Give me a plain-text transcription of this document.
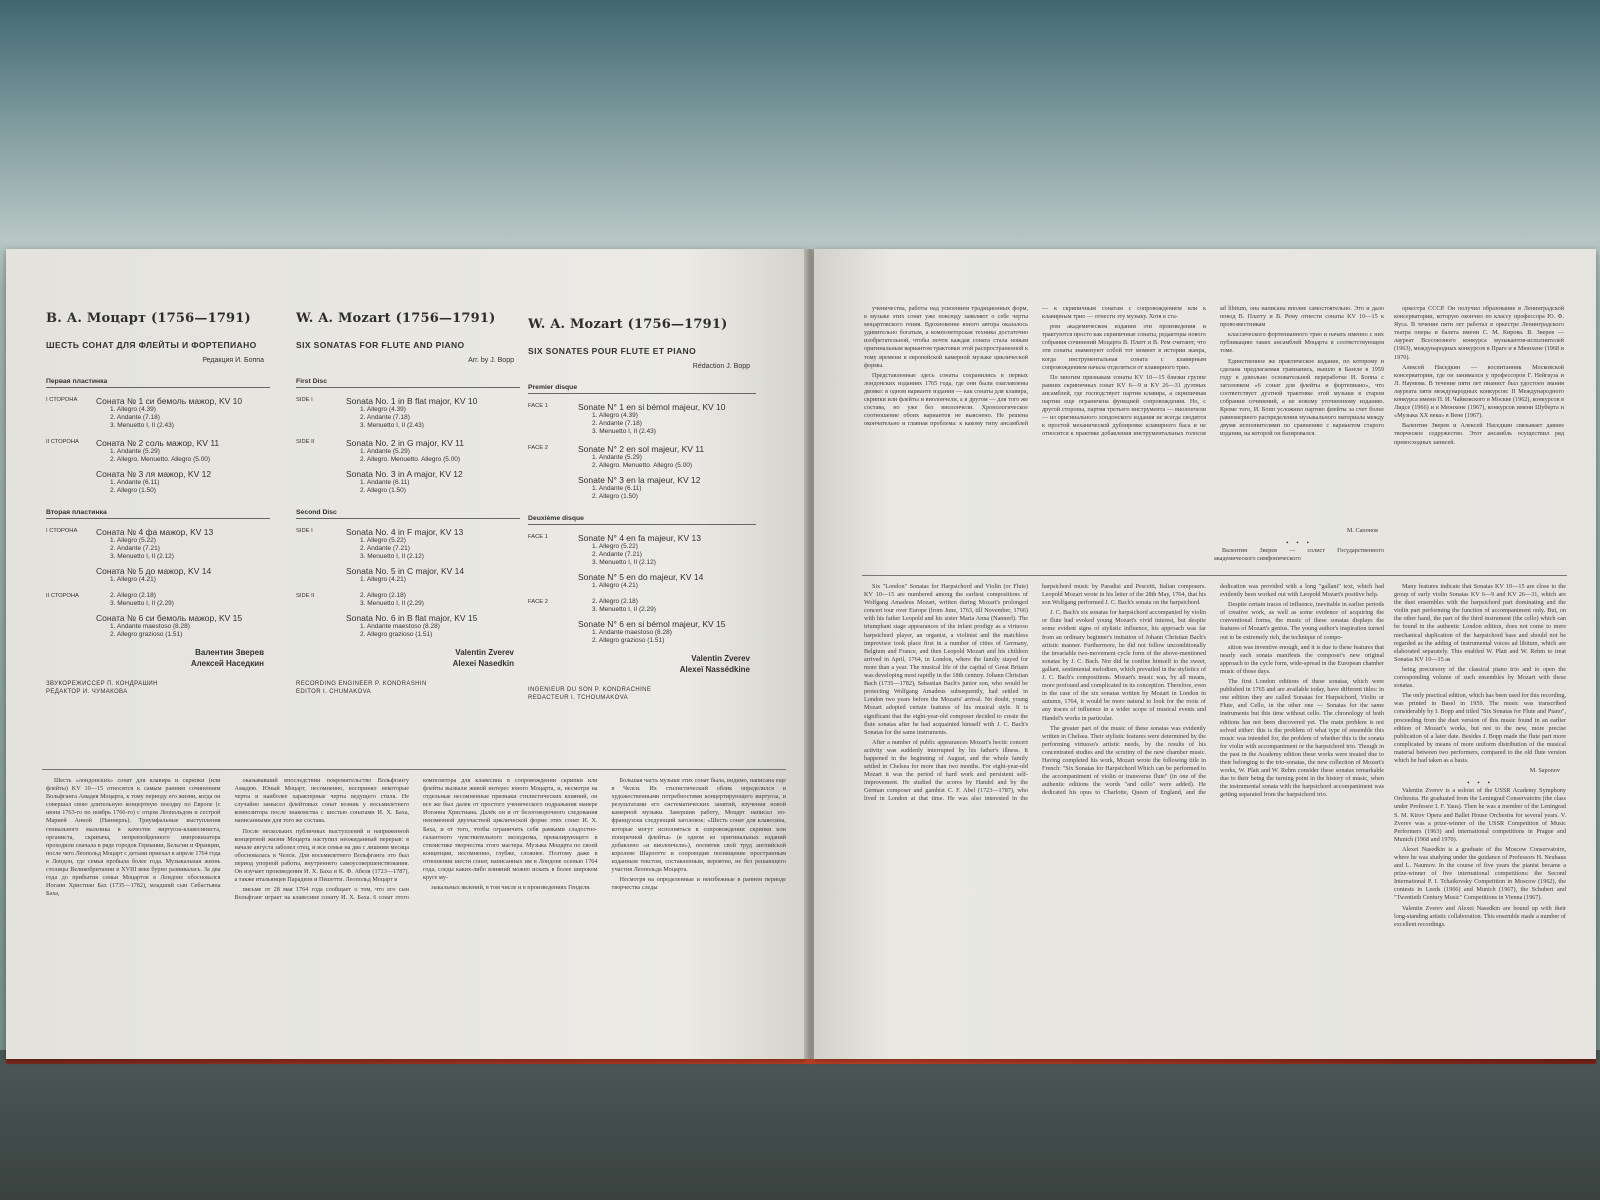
В. А. Моцарт (1756—1791)
ШЕСТЬ СОНАТ ДЛЯ ФЛЕЙТЫ И ФОРТЕПИАНО
Редакция И. Боппа
Первая пластинка
I СТОРОНА Соната № 1 си бемоль мажор, KV 10
1. Allegro (4.39)
2. Andante (7.18)
3. Menuetto I, II (2.43)
II СТОРОНА Соната № 2 соль мажор, KV 11
1. Andante (5.29)
2. Allegro. Menuetto. Allegro (5.00)
Соната № 3 ля мажор, KV 12
1. Andante (6.11)
2. Allegro (1.50)
Вторая пластинка
I СТОРОНА Соната № 4 фа мажор, KV 13
1. Allegro (5.22)
2. Andante (7.21)
3. Menuetto I, II (2.12)
Соната № 5 до мажор, KV 14
1. Allegro (4.21)
II СТОРОНА	2. Allegro (2.18)
3. Menuetto I, II (2.29)
Соната № 6 си бемоль мажор, KV 15
1. Andante maestoso (8.28)
2. Allegro grazioso (1.51)
Валентин Зверев
Алексей Наседкин
ЗВУКОРЕЖИССЕР П. КОНДРАШИН
РЕДАКТОР И. ЧУМАКОВА
W. A. Mozart (1756—1791)
SIX SONATAS FOR FLUTE AND PIANO
Arr. by J. Bopp
First Disc
SIDE I	Sonata No. 1 in B flat major, KV 10
1. Allegro (4.39)
2. Andante (7.18)
3. Menuetto I, II (2.43)
SIDE II	Sonata No. 2 in G major, KV 11
1. Andante (5.29)
2. Allegro. Menuetto. Allegro (5.00)
Sonata No. 3 in A major, KV 12
1. Andante (6.11)
2. Allegro (1.50)
Second Disc
SIDE I	Sonata No. 4 in F major, KV 13
1. Allegro (5.22)
2. Andante (7.21)
3. Menuetto I, II (2.12)
Sonata No. 5 in C major, KV 14
1. Allegro (4.21)
SIDE II	2. Allegro (2.18)
3. Menuetto I, II (2.29)
Sonata No. 6 in B flat major, KV 15
1. Andante maestoso (8.28)
2. Allegro grazioso (1.51)
Valentin Zverev
Alexei Nasedkin
RECORDING ENGINEER P. KONDRASHIN
EDITOR I. CHUMAKOVA
W. A. Mozart (1756—1791)
SIX SONATES POUR FLUTE ET PIANO
Rédaction J. Bopp
Premier disque
FACE 1	Sonate N° 1 en si bémol majeur, KV 10
1. Allegro (4.39)
2. Andante (7.18)
3. Menuetto I, II (2.43)
FACE 2	Sonate N° 2 en sol majeur, KV 11
1. Andante (5.29)
2. Allegro. Menuetto. Allegro (5.00)
Sonate N° 3 en la majeur, KV 12
1. Andante (6.11)
2. Allegro (1.50)
Deuxième disque
FACE 1	Sonate N° 4 en fa majeur, KV 13
1. Allegro (5.22)
2. Andante (7.21)
3. Menuetto I, II (2.12)
Sonate N° 5 en do majeur, KV 14
1. Allegro (4.21)
FACE 2	2. Allegro (2.18)
3. Menuetto I, II (2.29)
Sonate N° 6 en si bémol majeur, KV 15
1. Andante maestoso (8.28)
2. Allegro grazioso (1.51)
Valentin Zverev
Alexeï Nassédkine
INGENIEUR DU SON P. KONDRACHINE
REDACTEUR I. TCHOUMAKOVA

Шесть «лондонских» сонат для клавира и скрипки (или флейты) KV 10—15 относятся к самым ранним сочинениям Вольфганга Амадея Моцарта, к тому периоду его жизни, когда он совершал свою длительную концертную поездку по Европе (с июня 1763-го по ноябрь 1766-го) с отцом Леопольдом и сестрой Марией Анной (Наннерль). Триумфальные выступления гениального мальчика в качестве виртуоза-клавесиниста, органиста, скрипача, непревзойденного импровизатора проходили сначала в ряде городов Германии, Бельгии и Франции, после чего Леопольд Моцарт с детьми приехал в апреле 1764 года в Лондон, где семья пробыла более года. Музыкальная жизнь столицы Великобритании в XVIII веке бурно развивалась. За два года до прибытия семьи Моцартов в Лондоне обосновался Иоганн Христиан Бах (1735—1782), младший сын Себастьяна Баха,

оказывавший впоследствии покровительство Вольфгангу Амадею. Юный Моцарт, несомненно, воспринял некоторые черты и наиболее характерные черты ведущего стиля. Не случайно замысел флейтовых сонат возник у восьмилетнего композитора после знакомства с шестью сонатами И. Х. Баха, написанными для того же состава.

После нескольких публичных выступлений и напряженной концертной жизни Моцарта наступил неожиданный перерыв: в начале августа заболел отец, и вся семья на два с лишним месяца обосновалась в Челси. Для восьмилетнего Вольфганга это был период упорной работы, внутреннего самоусовершенствования. Он изучает произведения И. Х. Баха и К. Ф. Абеля (1723—1787), а также итальянцев Парадизи и Пешетти. Леопольд Моцарт в

письме от 28 мая 1764 года сообщает о том, что его сын Вольфганг играет на клавесине сонату И. Х. Баха. 6 сонат этого композитора для клавесина в сопровождении скрипки или флейты вызвали живой интерес юного Моцарта, и, несмотря на отдельные несомненные признаки стилистических влияний, он все же был далек от простого ученического подражания манере Иоганна Христиана. Далёк он и от безоговорочного следования неизменной двухчастной циклической форме этих сонат И. Х. Баха, и от того, чтобы ограничить себя рамками сладостно-галантного чувствительного мелодизма, превалирующего в стилистике творчества этого мастера. Музыка Моцарта по своей концепции, несомненно, глубже, сложнее. Поэтому даже в отношении шести сонат, написанных им в Лондоне осенью 1764 года, следы каких-либо влияний можно искать в более широком круге му-

зыкальных явлений, в том числе и в произведениях Генделя.

Большая часть музыки этих сонат была, видимо, написана еще в Челси. Их стилистический облик определился и художественными потребностями концертирующего виртуоза, и результатами его систематических занятий, изучения новой камерной музыки. Завершив работу, Моцарт написал по-французски следующий заголовок: «Шесть сонат для клавесина, которые могут исполняться в сопровождении скрипки или поперечной флейты» (в одном из оригинальных изданий добавлено «и виолончели»), посвятив свой труд английской королеве Шарлотте и сопроводив посвящение пространным изданным текстом, составленным, вероятно, не без решающего участия Леопольда Моцарта.

Несмотря на определенные и неизбежные в раннем периоде творчества следы

ученичества, работы над усвоением традиционных форм, в музыке этих сонат уже повсюду заявляют о себе черты моцартовского гения. Вдохновение юного автора оказалось удивительно богатым, а композиторская техника достаточно изобретательной, чтобы почти каждая соната стала новым оригинальным вариантом трактовки этой распространенной к тому времени в европейской камерной музыке циклической формы.

Представленные здесь сонаты сохранились в первых лондонских изданиях 1765 года, где они были озаглавлены двояко: в одном варианте издания — как сонаты для клавира, скрипки или флейты и виолончели, а в другом — для того же состава, но уже без виолончели. Хронологическое соотношение обоих вариантов не выяснено. Не решена окончательно и главная проблема: к какому типу ансамблей — к скрипичным сонатам с сопровождением или к клавирным трио — отнести эту музыку. Хотя в ста-

ром академическом издании эти произведения и трактуются просто как скрипичные сонаты, редакторы нового собрания сочинений Моцарта В. Платт и В. Рем считают, что эти сонаты знаменуют собой тот момент в истории жанра, когда инструментальная соната с клавирным сопровождением начала отделяться от клавирного трио.

По многим признакам сонаты KV 10—15 близки группе ранних скрипичных сонат KV 6—9 и KV 26—31 дуэтных ансамблей, где господствует партия клавира, а скрипичная партия еще ограничена функцией сопровождения. Но, с другой стороны, партия третьего инструмента — виолончели — из оригинального лондонского издания не всегда сводится к простой механической дублировке клавирного баса и не относится к практике добавления инструментальных голосов ad libitum, она написана вполне самостоятельно. Это и дало повод В. Платту и В. Рему отнести сонаты KV 10—15 к провозвестникам

классического фортепианного трио и начать именно с них публикацию таких ансамблей Моцарта в соответствующем томе.

Единственное же практическое издание, по которому и сделана предлагаемая грамзапись, вышло в Базеле в 1959 году в довольно основательной переработке И. Боппа с заголовком «6 сонат для флейты и фортепиано», что соответствует дуэтной трактовке этой музыки в старом собрании сочинений, а не новому уточненному изданию. Кроме того, И. Бопп усложнил партию флейты за счет более равномерного распределения музыкального материала между двумя исполнителями по сравнению с вариантом старого издания, на которой он базировался.

оркестра СССР. Он получил образование в Ленинградской консерватории, которую окончил по классу профессора Ю. Ф. Яуса. В течение пяти лет работал в оркестре Ленинградского театра оперы и балета имени С. М. Кирова. В. Зверев — лауреат Всесоюзного конкурса музыкантов-исполнителей (1963), международных конкурсов в Праге и в Мюнхене (1968 и 1970).

Алексей Наседкин — воспитанник Московской консерватории, где он занимался у профессоров Г. Нейгауза и Л. Наумова. В течение пяти лет пианист был удостоен звания лауреата пяти международных конкурсов: II Международного конкурса имени П. И. Чайковского в Москве (1962), конкурсов в Лидсе (1966) и в Мюнхене (1967), конкурсов имени Шуберта и «Музыка XX века» в Вене (1967).

Валентин Зверев и Алексей Наседкин связывает давнее творческое содружество. Этот ансамбль осуществил ряд превосходных записей.

М. Сапонов
• • •

Валентин Зверев — солист Государственного академического симфонического

Six "London" Sonatas for Harpsichord and Violin (or Flute) KV 10—15 are numbered among the earliest compositions of Wolfgang Amadeus Mozart, written during Mozart's prolonged concert tour over Europe (from June, 1763, till November, 1766) with his father Leopold and his sister Maria Anna (Nannerl). The triumphant stage appearances of the infant prodigy as a virtuoso harpsichord player, an organist, a violinist and the matchless improvisor took place first in a number of cities of Germany, Belgium and France, and then Leopold Mozart and his children arrived in April, 1764, in London, where the family stayed for more than a year. The musical life of the capital of Great Britain was developing most rapidly in the 18th century. Johann Christian Bach (1735—1782), Sebastian Bach's junior son, who would be protecting Wolfgang Amadeus subsequently, had settled in London two years before the Mozarts' arrival. No doubt, young Mozart adopted certain features of his musical style. It is significant that the eight-year-old composer decided to create the flute sonatas after he had acquainted himself with J. C. Bach's Sonatas for the same instruments.

After a number of public appearances Mozart's hectic concert activity was suddenly interrupted by his father's illness. It happened in the beginning of August, and the whole family settled in Chelsea for more than two months. For eight-year-old Mozart it was the period of hard work and persistent self-improvement. He studied the scores by Handel and by the German composer and gambist C. F. Abel (1723—1787), who lived in London at that time. He was also interested in the harpsichord music by Paradisi and Pescetti, Italian composers. Leopold Mozart wrote in his letter of the 28th May, 1764, that his son Wolfgang performed J. C. Bach's sonata on the harpsichord.

J. C. Bach's six sonatas for harpsichord accompanied by violin or flute had evoked young Mozart's vivid interest, but despite some evident signs of stylistic influence, his approach was far from an ordinary beginner's imitation of Johann Christian Bach's artistic manner. Furthermore, he did not follow unconditionally the invariable two-movement cycle form of the above-mentioned sonatas by J. C. Bach. Nor did he confine himself to the sweet, gallant, sentimental melodism, which prevailed in the stylistics of J. C. Bach's compositions. Mozart's music was, by all means, more profound and complicated in its conception. Therefore, even in the case of the six sonatas written by Mozart in London in autumn, 1764, it would be more natural to look for the roots of any traces of influence in a wider scope of musical events and Handel's works in particular.

The greater part of the music of these sonatas was evidently written in Chelsea. Their stylistic features were determined by the performing virtuoso's artistic needs, by the results of his concentrated studies and the scrutiny of the new chamber music. Having completed his work, Mozart wrote the following title in French: "Six Sonatas for Harpsichord Which can be performed to the accompaniment of violin or transverse flute" (in one of the authentic editions the words "and cello" were added). He dedicated his opus to Charlotte, Queen of England, and the dedication was provided with a long "gallant" text, which had evidently been worked out with Leopold Mozart's positive help.

Despite certain traces of influence, inevitable in earlier periods of creative work, as well as some evidence of acquiring the conventional forms, the music of these sonatas displays the features of Mozart's genius. The young author's inspiration turned out to be extremely rich, the technique of compo-

sition was inventive enough, and it is due to these features that nearly each sonata manifests the composer's new original approach to the cycle form, wide-spread in the European chamber music of those days.

The first London editions of these sonatas, which were published in 1765 and are available today, have different titles: in one edition they are called Sonatas for Harpsichord, Violin or Flute, and Cello, in the other one — Sonatas for the same instruments but this time without cello. The chronology of both editions has not been discovered yet. The main problem is not solved either: this is the problem of what type of ensemble this music was intended for, the problem of whether this is the sonata for violin with accompaniment or the harpsichord trio. Though in the past in the Academy edition these works were treated due to their belonging to the trio-sonatas, the new collection of Mozart's works, W. Platt and W. Rehm consider these sonatas remarkable due to their being the turning point in the history of music, when the instrumental sonata with the harpsichord accompaniment was getting separated from the harpsichord trio.

Many features indicate that Sonatas KV 10—15 are close to the group of early violin Sonatas KV 6—9 and KV 26—31, which are the duet ensembles with the harpsichord part dominating and the violin part performing the function of accompaniment only. But, on the other hand, the part of the third instrument (the cello) which can be found in the authentic London edition, does not come to mere mechanical duplication of the harpsichord bass and should not be regarded as the adding of instrumental voices ad libitum, which are elaborated separately. This enabled W. Platt and W. Rehm to treat Sonatas KV 10—15 as

being precursory of the classical piano trio and to open the corresponding volume of such ensembles by Mozart with these sonatas.

The only practical edition, which has been used for this recording, was printed in Basel in 1959. The music was transcribed considerably by I. Bopp and titled "Six Sonatas for Flute and Piano", proceeding from the duet version of this music found in an earlier edition of Mozart's works, but not to the new, more precise publication of a later date. Besides J. Bopp made the flute part more complicated by means of more uniform distribution of the musical material between two performers, compared to the old flute version which he had taken as a basis.

M. Saponov
• • •

Valentin Zverev is a soloist of the USSR Academy Symphony Orchestra. He graduated from the Leningrad Conservatoire (the class under Professor I. F. Yaus). Then he was a member of the Leningrad S. M. Kirov Opera and Ballet House Orchestra for several years. V. Zverev was a prize-winner of the USSR Competition of Music Performers (1963) and international competitions in Prague and Munich (1968 and 1970).

Alexei Nasedkin is a graduate of the Moscow Conservatoire, where he was studying under the guidance of Professors H. Neuhaus and L. Naumov. In the course of five years the pianist became a prize-winner of five international competitions: the Second International P. I. Tchaikovsky Competition in Moscow (1962), the contests in Leeds (1966) and Munich (1967), the Schubert and "Twentieth Century Music" Competitions in Vienna (1967).

Valentin Zverev and Alexei Nasedkin are bound up with their long-standing artistic collaboration. This ensemble made a number of excellent recordings.
